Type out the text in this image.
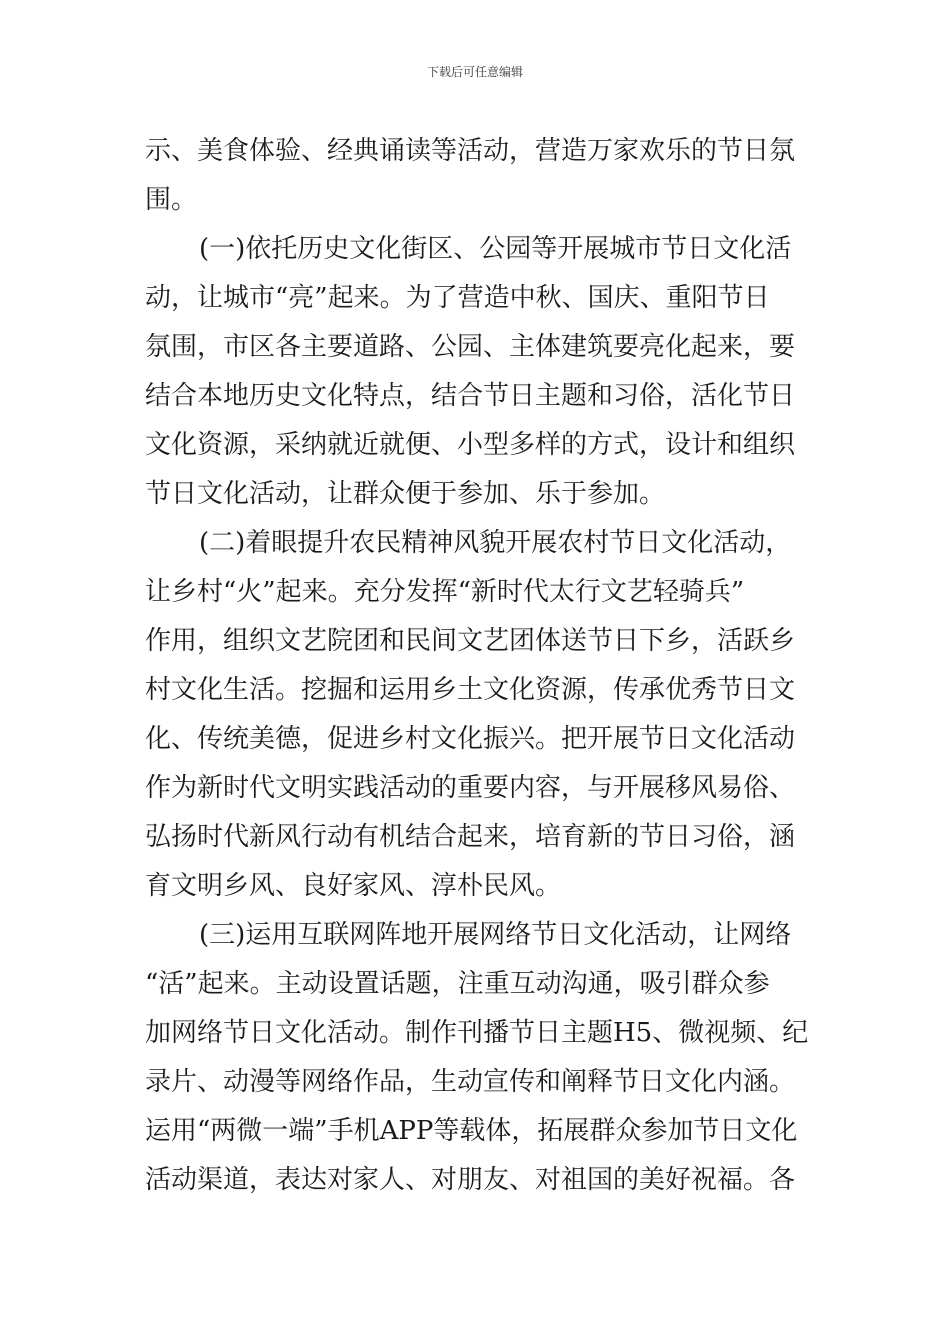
下载后可任意编辑
示、美食体验、经典诵读等活动，营造万家欢乐的节日氛
围。
(一)依托历史文化街区、公园等开展城市节日文化活
动，让城市“亮”起来。为了营造中秋、国庆、重阳节日
氛围，市区各主要道路、公园、主体建筑要亮化起来，要
结合本地历史文化特点，结合节日主题和习俗，活化节日
文化资源，采纳就近就便、小型多样的方式，设计和组织
节日文化活动，让群众便于参加、乐于参加。
(二)着眼提升农民精神风貌开展农村节日文化活动，
让乡村“火”起来。充分发挥“新时代太行文艺轻骑兵”
作用，组织文艺院团和民间文艺团体送节日下乡，活跃乡
村文化生活。挖掘和运用乡土文化资源，传承优秀节日文
化、传统美德，促进乡村文化振兴。把开展节日文化活动
作为新时代文明实践活动的重要内容，与开展移风易俗、
弘扬时代新风行动有机结合起来，培育新的节日习俗，涵
育文明乡风、良好家风、淳朴民风。
(三)运用互联网阵地开展网络节日文化活动，让网络
“活”起来。主动设置话题，注重互动沟通，吸引群众参
加网络节日文化活动。制作刊播节日主题H5、微视频、纪
录片、动漫等网络作品，生动宣传和阐释节日文化内涵。
运用“两微一端”手机APP等载体，拓展群众参加节日文化
活动渠道，表达对家人、对朋友、对祖国的美好祝福。各
